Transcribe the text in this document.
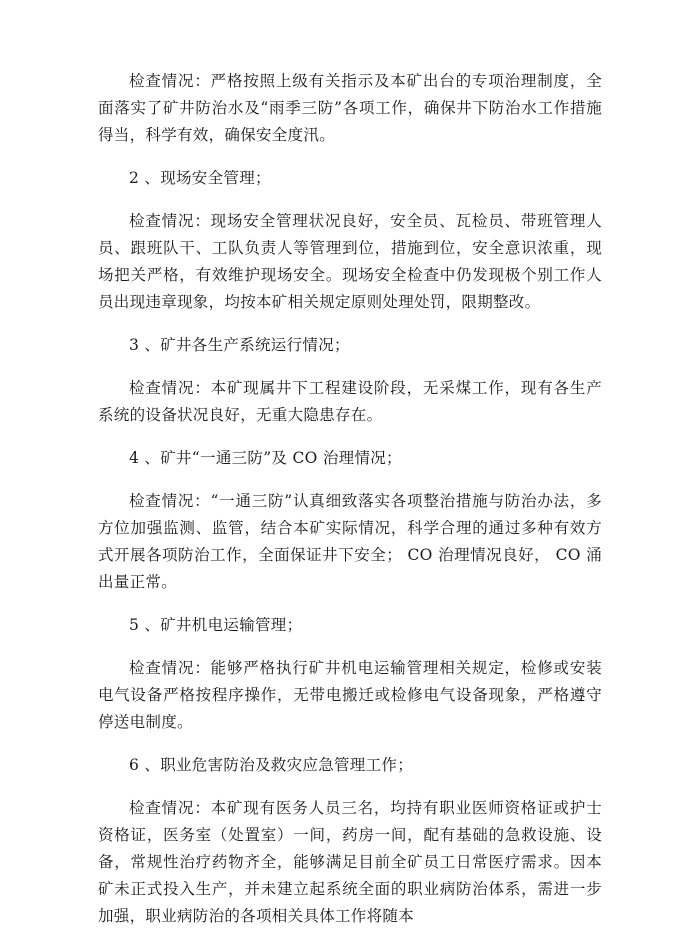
检查情况：严格按照上级有关指示及本矿出台的专项治理制度，全面落实了矿井防治水及“雨季三防”各项工作，确保井下防治水工作措施得当，科学有效，确保安全度汛。

2 、现场安全管理；

检查情况：现场安全管理状况良好，安全员、瓦检员、带班管理人员、跟班队干、工队负责人等管理到位，措施到位，安全意识浓重，现场把关严格，有效维护现场安全。现场安全检查中仍发现极个别工作人员出现违章现象，均按本矿相关规定原则处理处罚，限期整改。

3 、矿井各生产系统运行情况；

检查情况：本矿现属井下工程建设阶段，无采煤工作，现有各生产系统的设备状况良好，无重大隐患存在。

4 、矿井“一通三防”及 CO 治理情况；

检查情况：“一通三防”认真细致落实各项整治措施与防治办法，多方位加强监测、监管，结合本矿实际情况，科学合理的通过多种有效方式开展各项防治工作，全面保证井下安全； CO 治理情况良好， CO 涌出量正常。

5 、矿井机电运输管理；

检查情况：能够严格执行矿井机电运输管理相关规定，检修或安装电气设备严格按程序操作，无带电搬迁或检修电气设备现象，严格遵守停送电制度。

6 、职业危害防治及救灾应急管理工作；

检查情况：本矿现有医务人员三名，均持有职业医师资格证或护士资格证，医务室（处置室）一间，药房一间，配有基础的急救设施、设备，常规性治疗药物齐全，能够满足目前全矿员工日常医疗需求。因本矿未正式投入生产，并未建立起系统全面的职业病防治体系，需进一步加强，职业病防治的各项相关具体工作将随本
